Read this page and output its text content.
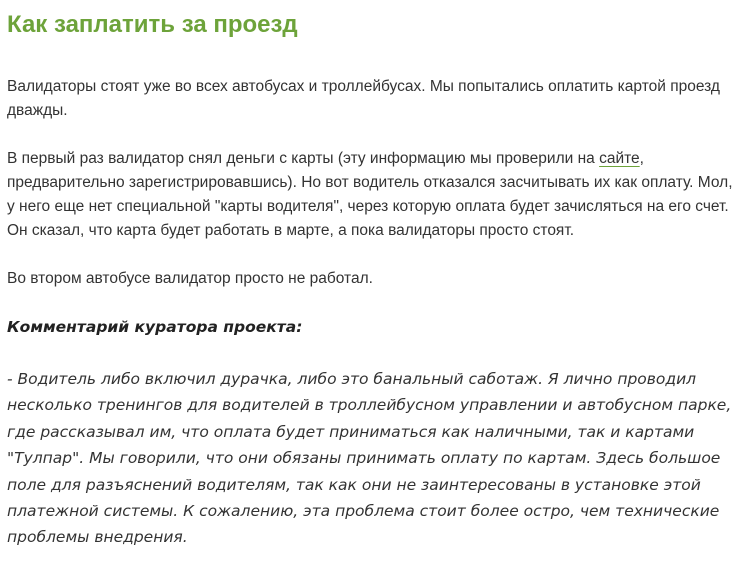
Как заплатить за проезд

Валидаторы стоят уже во всех автобусах и троллейбусах. Мы попытались оплатить картой проезд дважды.

В первый раз валидатор снял деньги с карты (эту информацию мы проверили на сайте, предварительно зарегистрировавшись). Но вот водитель отказался засчитывать их как оплату. Мол, у него еще нет специальной "карты водителя", через которую оплата будет зачисляться на его счет. Он сказал, что карта будет работать в марте, а пока валидаторы просто стоят.

Во втором автобусе валидатор просто не работал.

Комментарий куратора проекта:

- Водитель либо включил дурачка, либо это банальный саботаж. Я лично проводил несколько тренингов для водителей в троллейбусном управлении и автобусном парке, где рассказывал им, что оплата будет приниматься как наличными, так и картами "Тулпар". Мы говорили, что они обязаны принимать оплату по картам. Здесь большое поле для разъяснений водителям, так как они не заинтересованы в установке этой платежной системы. К сожалению, эта проблема стоит более остро, чем технические проблемы внедрения.
